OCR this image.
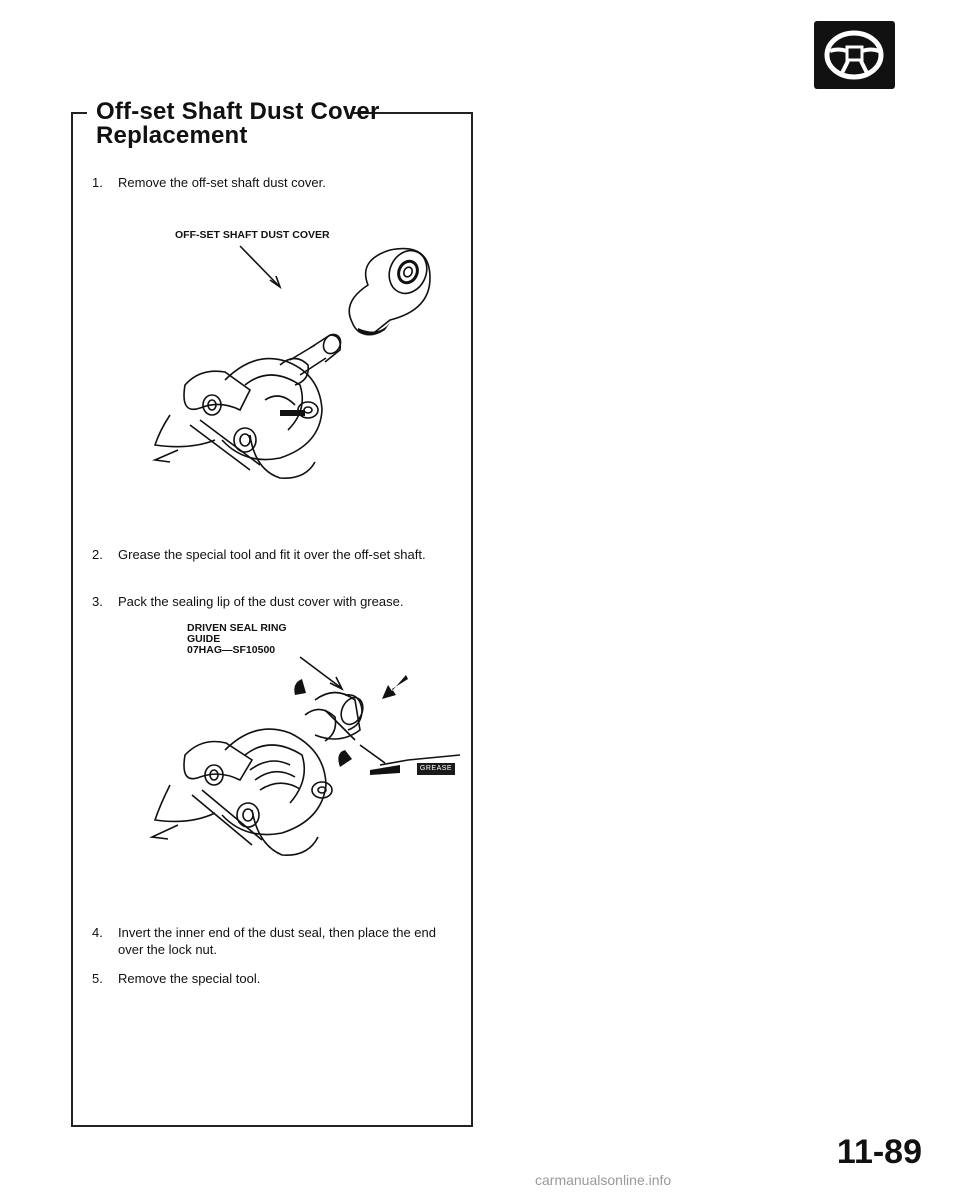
Off-set Shaft Dust Cover
Replacement
1. Remove the off-set shaft dust cover.
OFF-SET SHAFT DUST COVER
2. Grease the special tool and fit it over the off-set shaft.
3. Pack the sealing lip of the dust cover with grease.
DRIVEN SEAL RING
GUIDE
07HAG—SF10500
GREASE
4. Invert the inner end of the dust seal, then place the end over the lock nut.
5. Remove the special tool.
11-89
carmanualsonline.info
